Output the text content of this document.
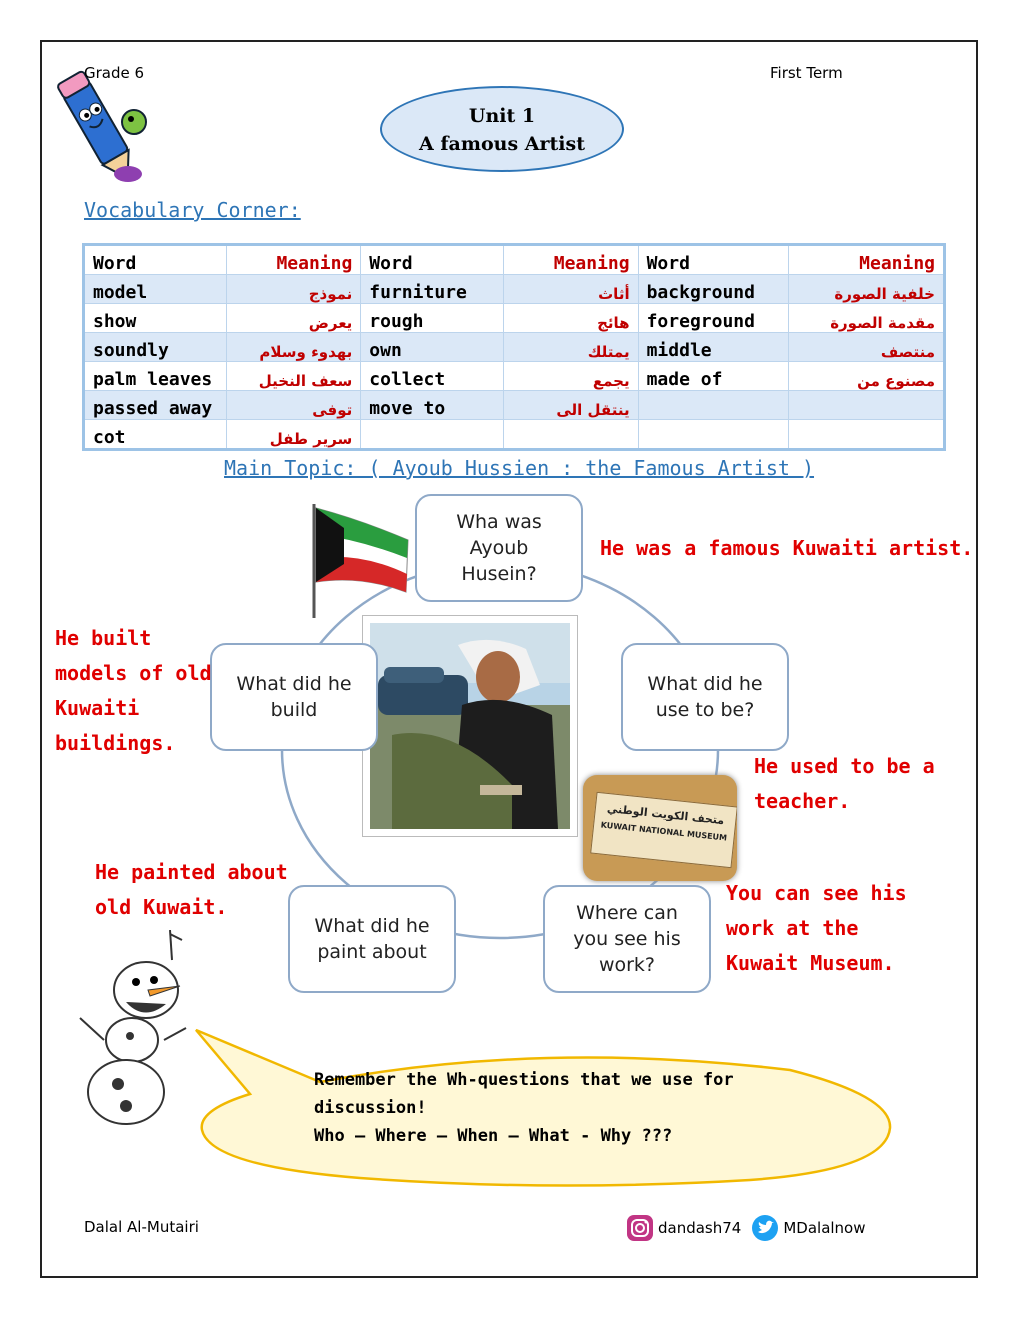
Grade 6	First Term
Unit 1
A famous Artist
Vocabulary Corner:
Word	Meaning	Word	Meaning	Word	Meaning
model	نموذج	furniture	أثاث	background	خلفية الصورة
show	يعرض	rough	هائج	foreground	مقدمة الصورة
soundly	بهدوء وسلام	own	يمتلك	middle	منتصف
palm leaves	سعف النخيل	collect	يجمع	made of	مصنوع من
passed away	توفى	move to	ينتقل الى		
cot	سرير طفل				
Main Topic: ( Ayoub Hussien : the Famous Artist )
متحف الكويت الوطني
KUWAIT NATIONAL MUSEUM
Wha was Ayoub Husein?
What did he use to be?
Where can you see his work?
What did he paint about
What did he build
He was a famous Kuwaiti artist.
He used to be a teacher.
You can see his work at the Kuwait Museum.
He painted about old Kuwait.
He built models of old Kuwaiti buildings.
Remember the Wh-questions that we use for discussion!
Who – Where – When – What - Why ???
Dalal Al-Mutairi	dandash74	MDalalnow
